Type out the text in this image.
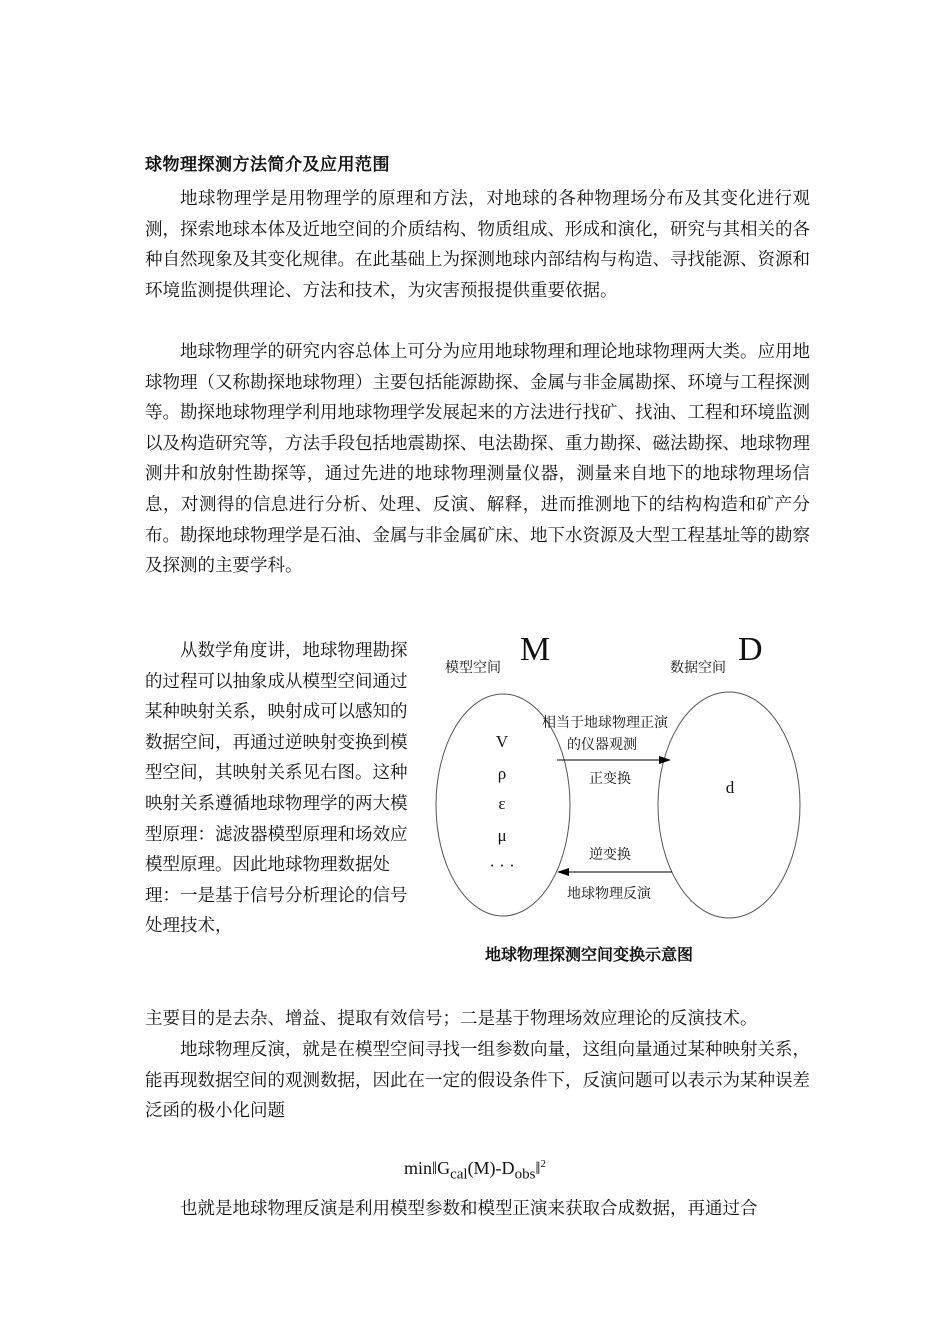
球物理探测方法简介及应用范围

地球物理学是用物理学的原理和方法，对地球的各种物理场分布及其变化进行观测，探索地球本体及近地空间的介质结构、物质组成、形成和演化，研究与其相关的各种自然现象及其变化规律。在此基础上为探测地球内部结构与构造、寻找能源、资源和环境监测提供理论、方法和技术，为灾害预报提供重要依据。

地球物理学的研究内容总体上可分为应用地球物理和理论地球物理两大类。应用地球物理（又称勘探地球物理）主要包括能源勘探、金属与非金属勘探、环境与工程探测等。勘探地球物理学利用地球物理学发展起来的方法进行找矿、找油、工程和环境监测以及构造研究等，方法手段包括地震勘探、电法勘探、重力勘探、磁法勘探、地球物理测井和放射性勘探等，通过先进的地球物理测量仪器，测量来自地下的地球物理场信息，对测得的信息进行分析、处理、反演、解释，进而推测地下的结构构造和矿产分布。勘探地球物理学是石油、金属与非金属矿床、地下水资源及大型工程基址等的勘察及探测的主要学科。

从数学角度讲，地球物理勘探的过程可以抽象成从模型空间通过某种映射关系，映射成可以感知的数据空间，再通过逆映射变换到模型空间，其映射关系见右图。这种映射关系遵循地球物理学的两大模型原理：滤波器模型原理和场效应模型原理。因此地球物理数据处理：一是基于信号分析理论的信号处理技术，

主要目的是去杂、增益、提取有效信号；二是基于物理场效应理论的反演技术。

地球物理反演，就是在模型空间寻找一组参数向量，这组向量通过某种映射关系，能再现数据空间的观测数据，因此在一定的假设条件下，反演问题可以表示为某种误差泛函的极小化问题

$\min‖G_{cal}(M)-D_{obs}‖^2$

也就是地球物理反演是利用模型参数和模型正演来获取合成数据，再通过合

模型空间 M	数据空间 D
相当于地球物理正演
的仪器观测
正变换
逆变换
地球物理反演
V
ρ
ε
μ
· · ·
d
地球物理探测空间变换示意图
